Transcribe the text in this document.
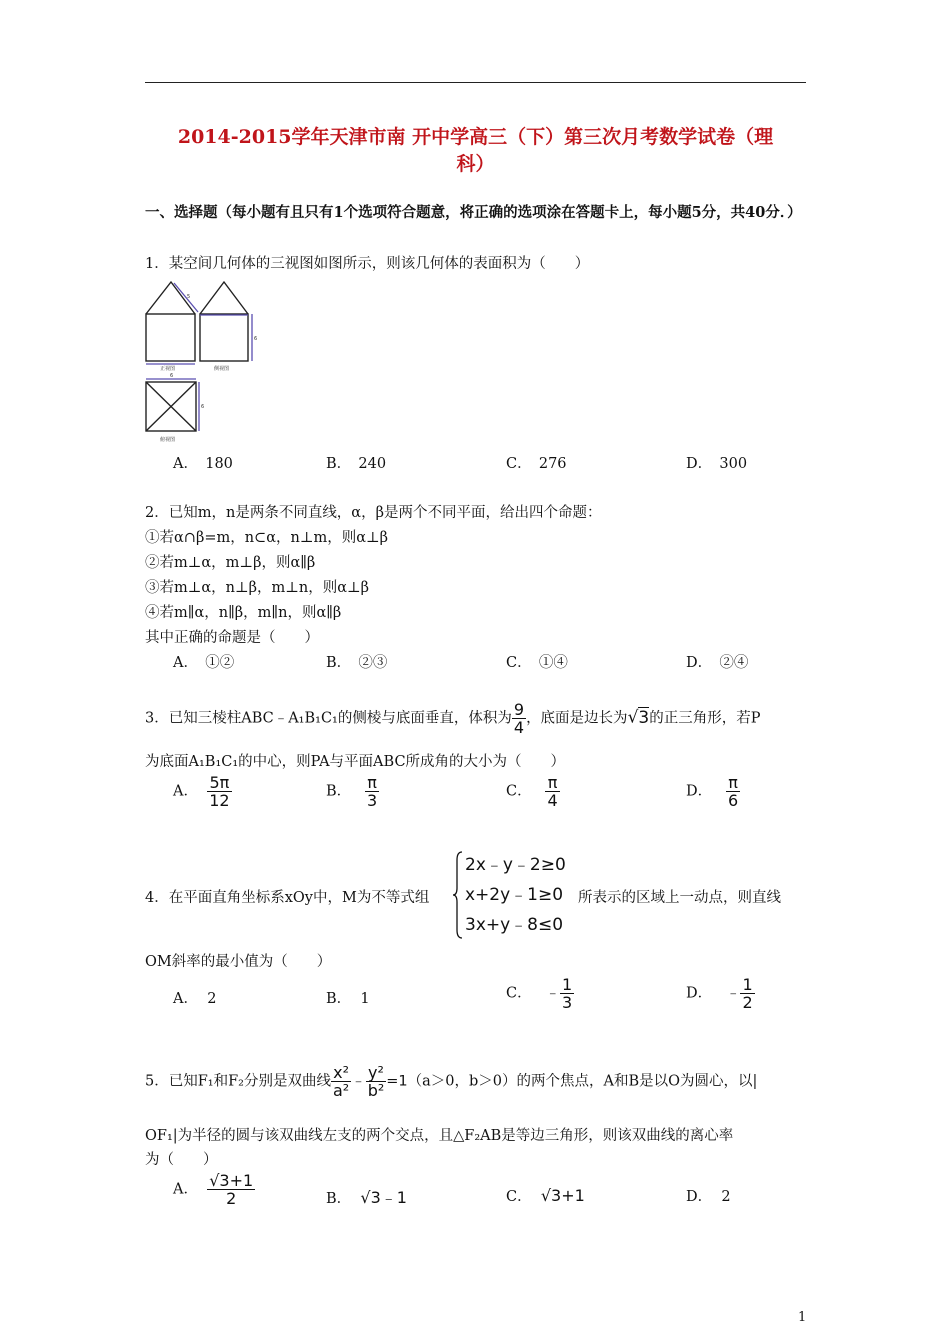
2014-2015学年天津市南 开中学高三（下）第三次月考数学试卷（理
科）
一、选择题（每小题有且只有1个选项符合题意，将正确的选项涂在答题卡上，每小题5分，共40分．）
1．某空间几何体的三视图如图所示，则该几何体的表面积为（　　）
5
6
6
6
正视图	侧视图
俯视图
A．　180	B．　240	C．　276	D．　300
2．已知m，n是两条不同直线，α，β是两个不同平面，给出四个命题：
①若α∩β=m，n⊂α，n⊥m，则α⊥β
②若m⊥α，m⊥β，则α∥β
③若m⊥α，n⊥β，m⊥n，则α⊥β
④若m∥α，n∥β，m∥n，则α∥β
其中正确的命题是（　　）
A．　①②	B．　②③	C．　①④	D．　②④
3．已知三棱柱ABC﹣A₁B₁C₁的侧棱与底面垂直，体积为 $\frac{9}{4}$ ，底面是边长为√3的正三角形，若P
为底面A₁B₁C₁的中心，则PA与平面ABC所成角的大小为（　　）
A． $\frac{5\pi}{12}$	B． $\frac{\pi}{3}$	C． $\frac{\pi}{4}$	D． $\frac{\pi}{6}$
2x﹣y﹣2≥0
x+2y﹣1≥0
3x+y﹣8≤0
4．在平面直角坐标系xOy中，M为不等式组	所表示的区域上一动点，则直线
OM斜率的最小值为（　　）
A． 2	B． 1	C． ﹣ $\frac{1}{3}$	D． ﹣ $\frac{1}{2}$
5．已知F₁和F₂分别是双曲线 $\frac{\text{x²}}{\text{a²}}$ ﹣ $\frac{\text{y²}}{\text{b²}} =1(a>0$，b＞0）的两个焦点，A和B是以O为圆心，以|
OF₁|为半径的圆与该双曲线左支的两个交点，且△F₂AB是等边三角形，则该双曲线的离心率
为（　　）
A． $\frac{√3+1}{2}$	B． √3﹣1	C． √3+1	D． 2
1
